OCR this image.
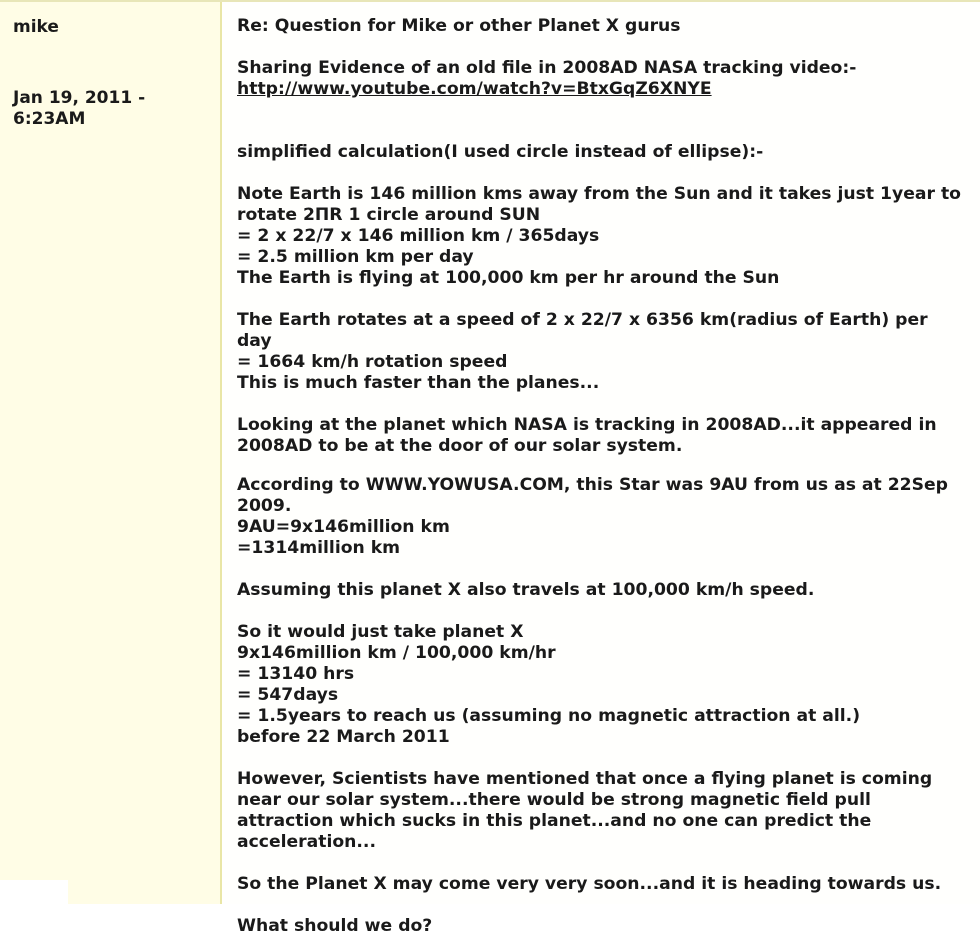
mike
Jan 19, 2011 - 6:23AM

Re: Question for Mike or other Planet X gurus

Sharing Evidence of an old file in 2008AD NASA tracking video:-
http://www.youtube.com/watch?v=BtxGqZ6XNYE

simplified calculation(I used circle instead of ellipse):-

Note Earth is 146 million kms away from the Sun and it takes just 1year to rotate 2ΠR 1 circle around SUN
= 2 x 22/7 x 146 million km / 365days
= 2.5 million km per day
The Earth is flying at 100,000 km per hr around the Sun

The Earth rotates at a speed of 2 x 22/7 x 6356 km(radius of Earth) per day
= 1664 km/h rotation speed
This is much faster than the planes...

Looking at the planet which NASA is tracking in 2008AD...it appeared in 2008AD to be at the door of our solar system.

According to WWW.YOWUSA.COM, this Star was 9AU from us as at 22Sep 2009.
9AU=9x146million km
=1314million km

Assuming this planet X also travels at 100,000 km/h speed.

So it would just take planet X
9x146million km / 100,000 km/hr
= 13140 hrs
= 547days
= 1.5years to reach us (assuming no magnetic attraction at all.)
before 22 March 2011

However, Scientists have mentioned that once a flying planet is coming near our solar system...there would be strong magnetic field pull attraction which sucks in this planet...and no one can predict the acceleration...

So the Planet X may come very very soon...and it is heading towards us.

What should we do?
